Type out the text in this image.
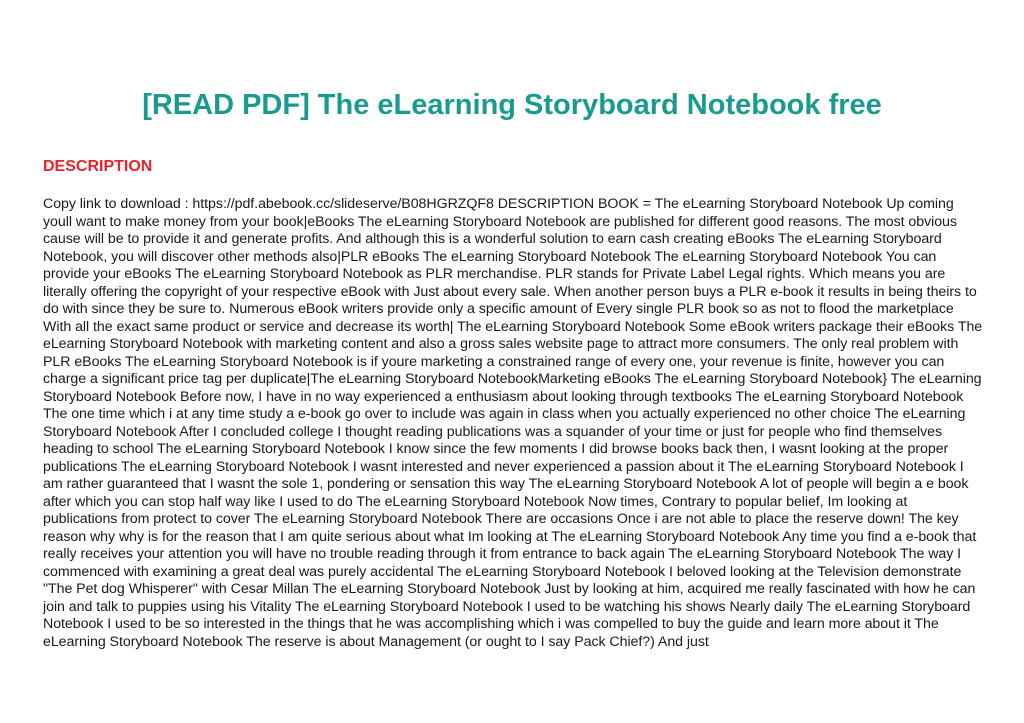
[READ PDF] The eLearning Storyboard Notebook free
DESCRIPTION

Copy link to download : https://pdf.abebook.cc/slideserve/B08HGRZQF8 DESCRIPTION BOOK = The eLearning Storyboard Notebook Up coming youll want to make money from your book|eBooks The eLearning Storyboard Notebook are published for different good reasons. The most obvious cause will be to provide it and generate profits. And although this is a wonderful solution to earn cash creating eBooks The eLearning Storyboard Notebook, you will discover other methods also|PLR eBooks The eLearning Storyboard Notebook The eLearning Storyboard Notebook You can provide your eBooks The eLearning Storyboard Notebook as PLR merchandise. PLR stands for Private Label Legal rights. Which means you are literally offering the copyright of your respective eBook with Just about every sale. When another person buys a PLR e-book it results in being theirs to do with since they be sure to. Numerous eBook writers provide only a specific amount of Every single PLR book so as not to flood the marketplace With all the exact same product or service and decrease its worth| The eLearning Storyboard Notebook Some eBook writers package their eBooks The eLearning Storyboard Notebook with marketing content and also a gross sales website page to attract more consumers. The only real problem with PLR eBooks The eLearning Storyboard Notebook is if youre marketing a constrained range of every one, your revenue is finite, however you can charge a significant price tag per duplicate|The eLearning Storyboard NotebookMarketing eBooks The eLearning Storyboard Notebook} The eLearning Storyboard Notebook Before now, I have in no way experienced a enthusiasm about looking through textbooks The eLearning Storyboard Notebook The one time which i at any time study a e-book go over to include was again in class when you actually experienced no other choice The eLearning Storyboard Notebook After I concluded college I thought reading publications was a squander of your time or just for people who find themselves heading to school The eLearning Storyboard Notebook I know since the few moments I did browse books back then, I wasnt looking at the proper publications The eLearning Storyboard Notebook I wasnt interested and never experienced a passion about it The eLearning Storyboard Notebook I am rather guaranteed that I wasnt the sole 1, pondering or sensation this way The eLearning Storyboard Notebook A lot of people will begin a e book after which you can stop half way like I used to do The eLearning Storyboard Notebook Now times, Contrary to popular belief, Im looking at publications from protect to cover The eLearning Storyboard Notebook There are occasions Once i are not able to place the reserve down! The key reason why why is for the reason that I am quite serious about what Im looking at The eLearning Storyboard Notebook Any time you find a e-book that really receives your attention you will have no trouble reading through it from entrance to back again The eLearning Storyboard Notebook The way I commenced with examining a great deal was purely accidental The eLearning Storyboard Notebook I beloved looking at the Television demonstrate "The Pet dog Whisperer" with Cesar Millan The eLearning Storyboard Notebook Just by looking at him, acquired me really fascinated with how he can join and talk to puppies using his Vitality The eLearning Storyboard Notebook I used to be watching his shows Nearly daily The eLearning Storyboard Notebook I used to be so interested in the things that he was accomplishing which i was compelled to buy the guide and learn more about it The eLearning Storyboard Notebook The reserve is about Management (or ought to I say Pack Chief?) And just
